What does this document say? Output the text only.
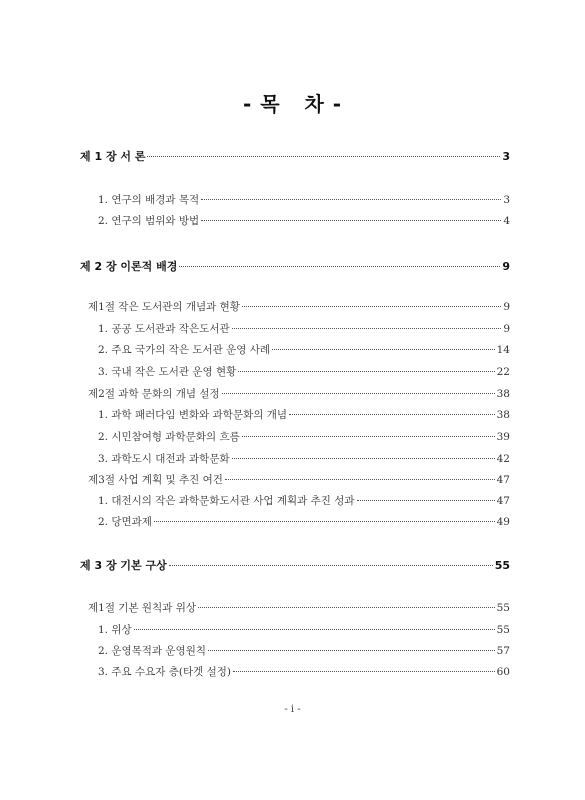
- 목   차 -
제 1 장 서 론	3
1. 연구의 배경과 목적	3
2. 연구의 범위와 방법	4
제 2 장 이론적 배경	9
제1절 작은 도서관의 개념과 현황	9
1. 공공 도서관과 작은도서관	9
2. 주요 국가의 작은 도서관 운영 사례	14
3. 국내 작은 도서관 운영 현황	22
제2절 과학 문화의 개념 설정	38
1. 과학 패러다임 변화와 과학문화의 개념	38
2. 시민참여형 과학문화의 흐름	39
3. 과학도시 대전과 과학문화	42
제3절 사업 계획 및 추진 여건	47
1. 대전시의 작은 과학문화도서관 사업 계획과 추진 성과	47
2. 당면과제	49
제 3 장 기본 구상	55
제1절 기본 원칙과 위상	55
1. 위상	55
2. 운영목적과 운영원칙	57
3. 주요 수요자 층(타겟 설정)	60
- i -
